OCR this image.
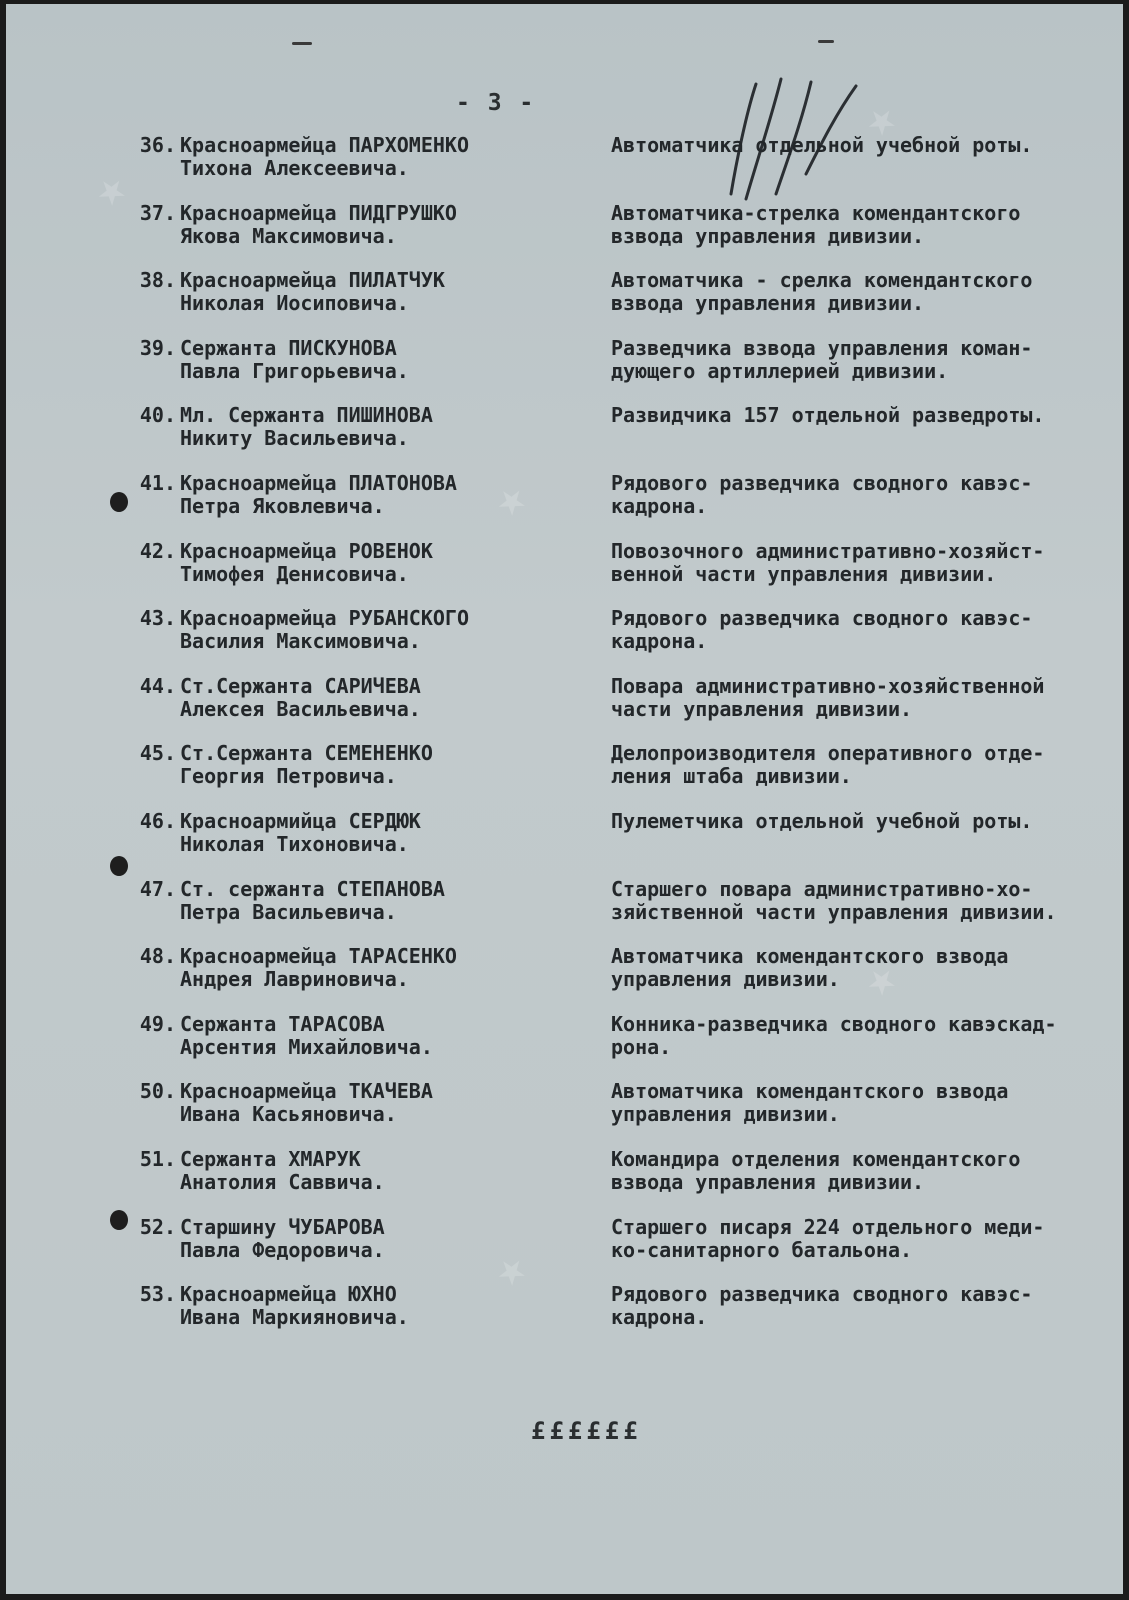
★
★
★
★
★
- 3 -
36. Красноармейца ПАРХОМЕНКО
Тихона Алексеевича.
Автоматчика отдельной учебной роты.
37. Красноармейца ПИДГРУШКО
Якова Максимовича.
Автоматчика-стрелка комендантского
взвода управления дивизии.
38. Красноармейца ПИЛАТЧУК
Николая Иосиповича.
Автоматчика - срелка комендантского
взвода управления дивизии.
39. Сержанта ПИСКУНОВА
Павла Григорьевича.
Разведчика взвода управления коман-
дующего артиллерией дивизии.
40. Мл. Сержанта ПИШИНОВА
Никиту Васильевича.
Развидчика 157 отдельной разведроты.
41. Красноармейца ПЛАТОНОВА
Петра Яковлевича.
Рядового разведчика сводного кавэс-
кадрона.
42. Красноармейца РОВЕНОК
Тимофея Денисовича.
Повозочного административно-хозяйст-
венной части управления дивизии.
43. Красноармейца РУБАНСКОГО
Василия Максимовича.
Рядового разведчика сводного кавэс-
кадрона.
44. Ст.Сержанта САРИЧЕВА
Алексея Васильевича.
Повара административно-хозяйственной
части управления дивизии.
45. Ст.Сержанта СЕМЕНЕНКО
Георгия Петровича.
Делопроизводителя оперативного отде-
ления штаба дивизии.
46. Красноармийца СЕРДЮК
Николая Тихоновича.
Пулеметчика отдельной учебной роты.
47. Ст. сержанта СТЕПАНОВА
Петра Васильевича.
Старшего повара административно-хо-
зяйственной части управления дивизии.
48. Красноармейца ТАРАСЕНКО
Андрея Лавриновича.
Автоматчика комендантского взвода
управления дивизии.
49. Сержанта ТАРАСОВА
Арсентия Михайловича.
Конника-разведчика сводного кавэскад-
рона.
50. Красноармейца ТКАЧЕВА
Ивана Касьяновича.
Автоматчика комендантского взвода
управления дивизии.
51. Сержанта ХМАРУК
Анатолия Саввича.
Командира отделения комендантского
взвода управления дивизии.
52. Старшину ЧУБАРОВА
Павла Федоровича.
Старшего писаря 224 отдельного меди-
ко-санитарного батальона.
53. Красноармейца ЮХНО
Ивана Маркияновича.
Рядового разведчика сводного кавэс-
кадрона.
££££££
